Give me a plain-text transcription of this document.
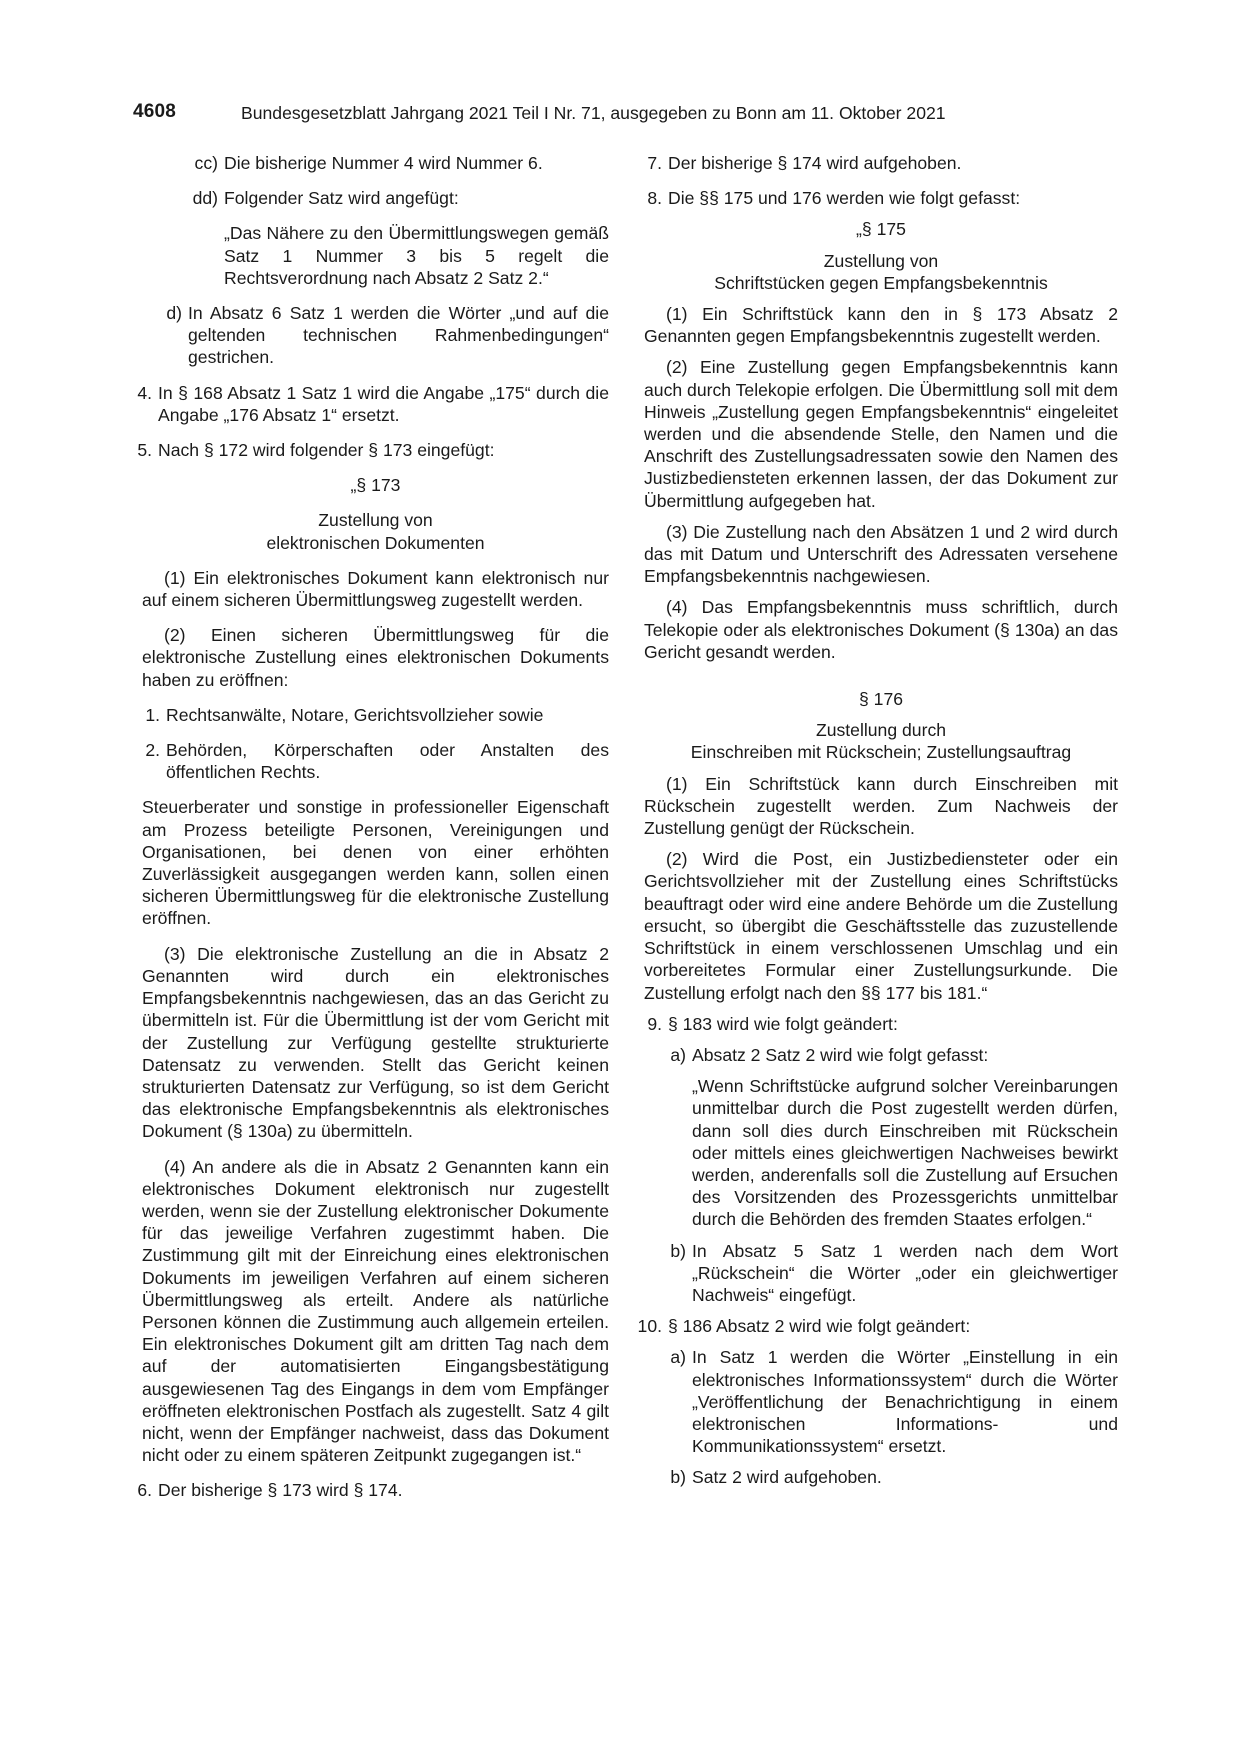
4608	Bundesgesetzblatt Jahrgang 2021 Teil I Nr. 71, ausgegeben zu Bonn am 11. Oktober 2021
cc) Die bisherige Nummer 4 wird Nummer 6.
dd) Folgender Satz wird angefügt:

„Das Nähere zu den Übermittlungswegen gemäß Satz 1 Nummer 3 bis 5 regelt die Rechtsverordnung nach Absatz 2 Satz 2.“

d) In Absatz 6 Satz 1 werden die Wörter „und auf die geltenden technischen Rahmenbedingungen“ gestrichen.
4. In § 168 Absatz 1 Satz 1 wird die Angabe „175“ durch die Angabe „176 Absatz 1“ ersetzt.
5. Nach § 172 wird folgender § 173 eingefügt:

„§ 173

Zustellung von

elektronischen Dokumenten

(1) Ein elektronisches Dokument kann elektronisch nur auf einem sicheren Übermittlungsweg zugestellt werden.

(2) Einen sicheren Übermittlungsweg für die elektronische Zustellung eines elektronischen Dokuments haben zu eröffnen:

1. Rechtsanwälte, Notare, Gerichtsvollzieher sowie
2. Behörden, Körperschaften oder Anstalten des öffentlichen Rechts.

Steuerberater und sonstige in professioneller Eigenschaft am Prozess beteiligte Personen, Vereinigungen und Organisationen, bei denen von einer erhöhten Zuverlässigkeit ausgegangen werden kann, sollen einen sicheren Übermittlungsweg für die elektronische Zustellung eröffnen.

(3) Die elektronische Zustellung an die in Absatz 2 Genannten wird durch ein elektronisches Empfangsbekenntnis nachgewiesen, das an das Gericht zu übermitteln ist. Für die Übermittlung ist der vom Gericht mit der Zustellung zur Verfügung gestellte strukturierte Datensatz zu verwenden. Stellt das Gericht keinen strukturierten Datensatz zur Verfügung, so ist dem Gericht das elektronische Empfangsbekenntnis als elektronisches Dokument (§ 130a) zu übermitteln.

(4) An andere als die in Absatz 2 Genannten kann ein elektronisches Dokument elektronisch nur zugestellt werden, wenn sie der Zustellung elektronischer Dokumente für das jeweilige Verfahren zugestimmt haben. Die Zustimmung gilt mit der Einreichung eines elektronischen Dokuments im jeweiligen Verfahren auf einem sicheren Übermittlungsweg als erteilt. Andere als natürliche Personen können die Zustimmung auch allgemein erteilen. Ein elektronisches Dokument gilt am dritten Tag nach dem auf der automatisierten Eingangsbestätigung ausgewiesenen Tag des Eingangs in dem vom Empfänger eröffneten elektronischen Postfach als zugestellt. Satz 4 gilt nicht, wenn der Empfänger nachweist, dass das Dokument nicht oder zu einem späteren Zeitpunkt zugegangen ist.“

6. Der bisherige § 173 wird § 174.
7. Der bisherige § 174 wird aufgehoben.
8. Die §§ 175 und 176 werden wie folgt gefasst:

„§ 175

Zustellung von

Schriftstücken gegen Empfangsbekenntnis

(1) Ein Schriftstück kann den in § 173 Absatz 2 Genannten gegen Empfangsbekenntnis zugestellt werden.

(2) Eine Zustellung gegen Empfangsbekenntnis kann auch durch Telekopie erfolgen. Die Übermittlung soll mit dem Hinweis „Zustellung gegen Empfangsbekenntnis“ eingeleitet werden und die absendende Stelle, den Namen und die Anschrift des Zustellungsadressaten sowie den Namen des Justizbediensteten erkennen lassen, der das Dokument zur Übermittlung aufgegeben hat.

(3) Die Zustellung nach den Absätzen 1 und 2 wird durch das mit Datum und Unterschrift des Adressaten versehene Empfangsbekenntnis nachgewiesen.

(4) Das Empfangsbekenntnis muss schriftlich, durch Telekopie oder als elektronisches Dokument (§ 130a) an das Gericht gesandt werden.

§ 176

Zustellung durch

Einschreiben mit Rückschein; Zustellungsauftrag

(1) Ein Schriftstück kann durch Einschreiben mit Rückschein zugestellt werden. Zum Nachweis der Zustellung genügt der Rückschein.

(2) Wird die Post, ein Justizbediensteter oder ein Gerichtsvollzieher mit der Zustellung eines Schriftstücks beauftragt oder wird eine andere Behörde um die Zustellung ersucht, so übergibt die Geschäftsstelle das zuzustellende Schriftstück in einem verschlossenen Umschlag und ein vorbereitetes Formular einer Zustellungsurkunde. Die Zustellung erfolgt nach den §§ 177 bis 181.“

9. § 183 wird wie folgt geändert:
a) Absatz 2 Satz 2 wird wie folgt gefasst:

„Wenn Schriftstücke aufgrund solcher Vereinbarungen unmittelbar durch die Post zugestellt werden dürfen, dann soll dies durch Einschreiben mit Rückschein oder mittels eines gleichwertigen Nachweises bewirkt werden, anderenfalls soll die Zustellung auf Ersuchen des Vorsitzenden des Prozessgerichts unmittelbar durch die Behörden des fremden Staates erfolgen.“

b) In Absatz 5 Satz 1 werden nach dem Wort „Rückschein“ die Wörter „oder ein gleichwertiger Nachweis“ eingefügt.
10. § 186 Absatz 2 wird wie folgt geändert:
a) In Satz 1 werden die Wörter „Einstellung in ein elektronisches Informationssystem“ durch die Wörter „Veröffentlichung der Benachrichtigung in einem elektronischen Informations- und Kommunikationssystem“ ersetzt.
b) Satz 2 wird aufgehoben.
